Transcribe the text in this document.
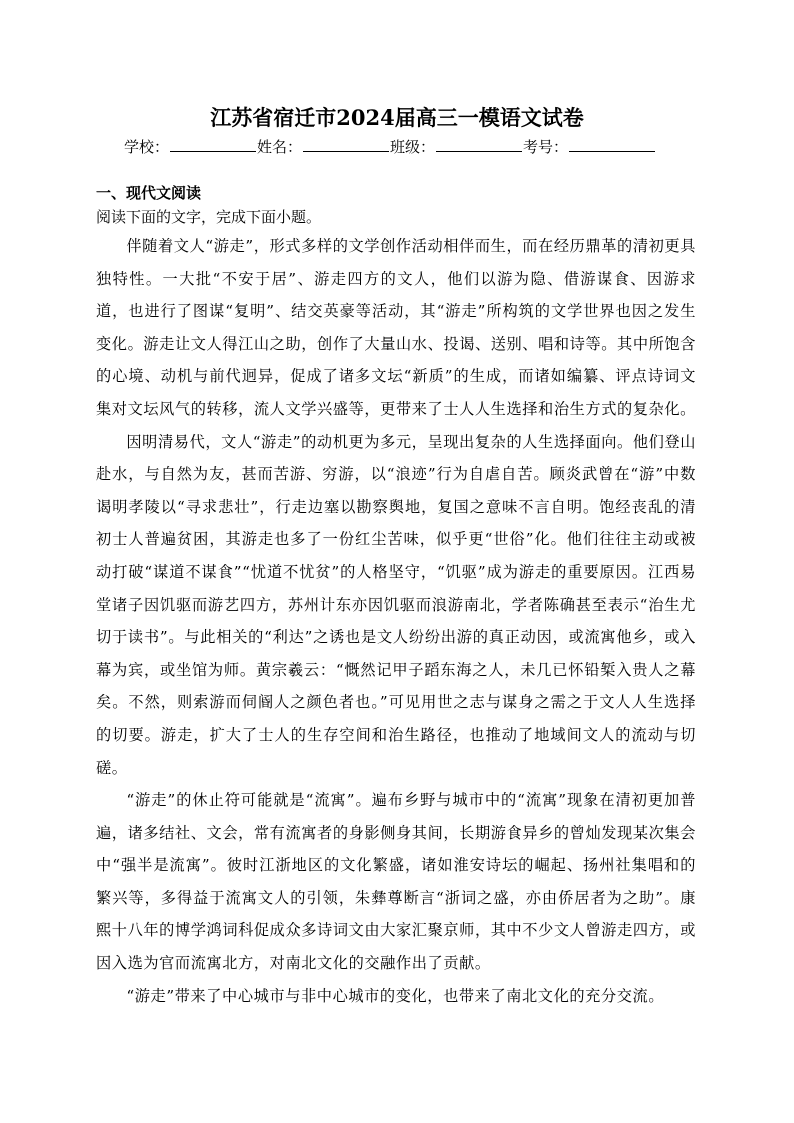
江苏省宿迁市2024届高三一模语文试卷
学校：	姓名：	班级：	考号：
一、现代文阅读
阅读下面的文字，完成下面小题。

伴随着文人“游走”，形式多样的文学创作活动相伴而生，而在经历鼎革的清初更具独特性。一大批“不安于居”、游走四方的文人，他们以游为隐、借游谋食、因游求道，也进行了图谋“复明”、结交英豪等活动，其“游走”所构筑的文学世界也因之发生变化。游走让文人得江山之助，创作了大量山水、投谒、送别、唱和诗等。其中所饱含的心境、动机与前代迥异，促成了诸多文坛“新质”的生成，而诸如编纂、评点诗词文集对文坛风气的转移，流人文学兴盛等，更带来了士人人生选择和治生方式的复杂化。

因明清易代，文人“游走”的动机更为多元，呈现出复杂的人生选择面向。他们登山赴水，与自然为友，甚而苦游、穷游，以“浪迹”行为自虐自苦。顾炎武曾在“游”中数谒明孝陵以“寻求悲壮”，行走边塞以勘察舆地，复国之意味不言自明。饱经丧乱的清初士人普遍贫困，其游走也多了一份红尘苦味，似乎更“世俗”化。他们往往主动或被动打破“谋道不谋食”“忧道不忧贫”的人格坚守，“饥驱”成为游走的重要原因。江西易堂诸子因饥驱而游艺四方，苏州计东亦因饥驱而浪游南北，学者陈确甚至表示“治生尤切于读书”。与此相关的“利达”之诱也是文人纷纷出游的真正动因，或流寓他乡，或入幕为宾，或坐馆为师。黄宗羲云：“慨然记甲子蹈东海之人，未几已怀铅椠入贵人之幕矣。不然，则索游而伺阍人之颜色者也。”可见用世之志与谋身之需之于文人人生选择的切要。游走，扩大了士人的生存空间和治生路径，也推动了地域间文人的流动与切磋。

“游走”的休止符可能就是“流寓”。遍布乡野与城市中的“流寓”现象在清初更加普遍，诸多结社、文会，常有流寓者的身影侧身其间，长期游食异乡的曾灿发现某次集会中“强半是流寓”。彼时江浙地区的文化繁盛，诸如淮安诗坛的崛起、扬州社集唱和的繁兴等，多得益于流寓文人的引领，朱彝尊断言“浙词之盛，亦由侨居者为之助”。康熙十八年的博学鸿词科促成众多诗词文由大家汇聚京师，其中不少文人曾游走四方，或因入选为官而流寓北方，对南北文化的交融作出了贡献。

“游走”带来了中心城市与非中心城市的变化，也带来了南北文化的充分交流。
